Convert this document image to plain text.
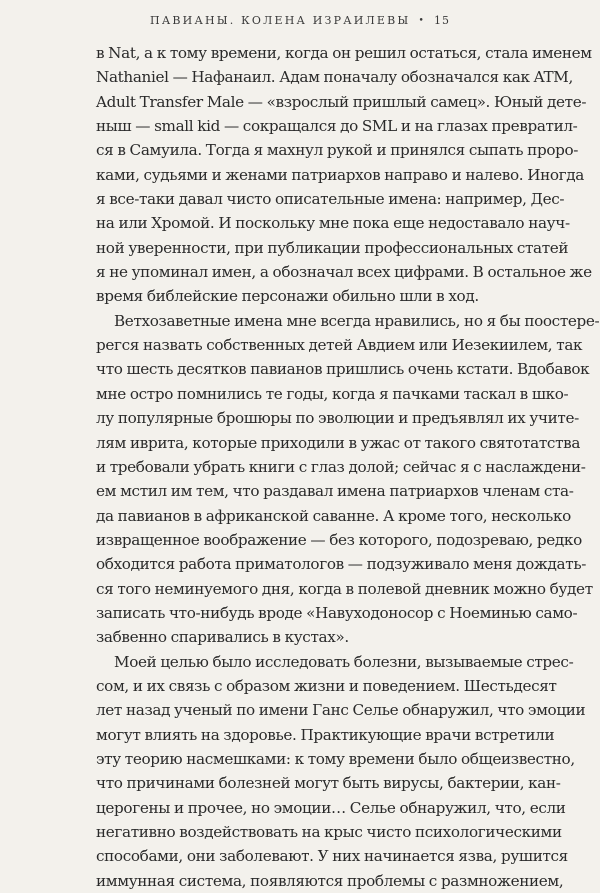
ПАВИАНЫ. КОЛЕНА ИЗРАИЛЕВЫ • 15
в Nat, а к тому времени, когда он решил остаться, стала именем
Nathaniel — Нафанаил. Адам поначалу обозначался как ATM,
Adult Transfer Male — «взрослый пришлый самец». Юный дете-
ныш — small kid — сокращался до SML и на глазах превратил-
ся в Самуила. Тогда я махнул рукой и принялся сыпать проро-
ками, судьями и женами патриархов направо и налево. Иногда
я все-таки давал чисто описательные имена: например, Дес-
на или Хромой. И поскольку мне пока еще недоставало науч-
ной уверенности, при публикации профессиональных статей
я не упоминал имен, а обозначал всех цифрами. В остальное же
время библейские персонажи обильно шли в ход.
Ветхозаветные имена мне всегда нравились, но я бы поостере-
регся назвать собственных детей Авдием или Иезекиилем, так
что шесть десятков павианов пришлись очень кстати. Вдобавок
мне остро помнились те годы, когда я пачками таскал в шко-
лу популярные брошюры по эволюции и предъявлял их учите-
лям иврита, которые приходили в ужас от такого святотатства
и требовали убрать книги с глаз долой; сейчас я с наслаждени-
ем мстил им тем, что раздавал имена патриархов членам ста-
да павианов в африканской саванне. А кроме того, несколько
извращенное воображение — без которого, подозреваю, редко
обходится работа приматологов — подзуживало меня дождать-
ся того неминуемого дня, когда в полевой дневник можно будет
записать что-нибудь вроде «Навуходоносор с Ноеминью само-
забвенно спаривались в кустах».
Моей целью было исследовать болезни, вызываемые стрес-
сом, и их связь с образом жизни и поведением. Шестьдесят
лет назад ученый по имени Ганс Селье обнаружил, что эмоции
могут влиять на здоровье. Практикующие врачи встретили
эту теорию насмешками: к тому времени было общеизвестно,
что причинами болезней могут быть вирусы, бактерии, кан-
церогены и прочее, но эмоции… Селье обнаружил, что, если
негативно воздействовать на крыс чисто психологическими
способами, они заболевают. У них начинается язва, рушится
иммунная система, появляются проблемы с размножением,
